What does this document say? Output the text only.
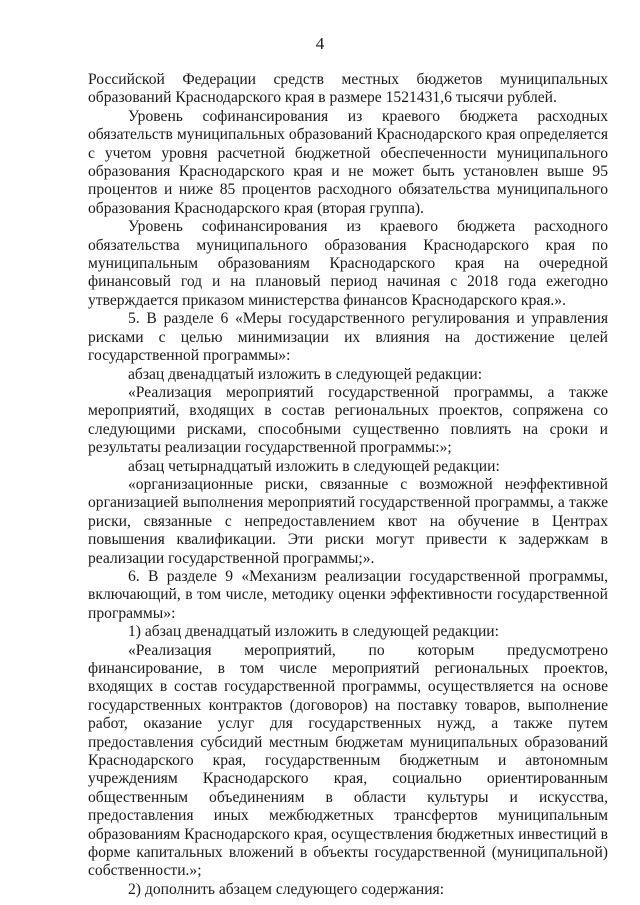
4

Российской Федерации средств местных бюджетов муниципальных образований Краснодарского края в размере 1521431,6 тысячи рублей.

Уровень софинансирования из краевого бюджета расходных обязательств муниципальных образований Краснодарского края определяется с учетом уровня расчетной бюджетной обеспеченности муниципального образования Краснодарского края и не может быть установлен выше 95 процентов и ниже 85 процентов расходного обязательства муниципального образования Краснодарского края (вторая группа).

Уровень софинансирования из краевого бюджета расходного обязательства муниципального образования Краснодарского края по муниципальным образованиям Краснодарского края на очередной финансовый год и на плановый период начиная с 2018 года ежегодно утверждается приказом министерства финансов Краснодарского края.».

5. В разделе 6 «Меры государственного регулирования и управления рисками с целью минимизации их влияния на достижение целей государственной программы»:

абзац двенадцатый изложить в следующей редакции:

«Реализация мероприятий государственной программы, а также мероприятий, входящих в состав региональных проектов, сопряжена со следующими рисками, способными существенно повлиять на сроки и результаты реализации государственной программы:»;

абзац четырнадцатый изложить в следующей редакции:

«организационные риски, связанные с возможной неэффективной организацией выполнения мероприятий государственной программы, а также риски, связанные с непредоставлением квот на обучение в Центрах повышения квалификации. Эти риски могут привести к задержкам в реализации государственной программы;».

6. В разделе 9 «Механизм реализации государственной программы, включающий, в том числе, методику оценки эффективности государственной программы»:

1) абзац двенадцатый изложить в следующей редакции:

«Реализация мероприятий, по которым предусмотрено финансирование, в том числе мероприятий региональных проектов, входящих в состав государственной программы, осуществляется на основе государственных контрактов (договоров) на поставку товаров, выполнение работ, оказание услуг для государственных нужд, а также путем предоставления субсидий местным бюджетам муниципальных образований Краснодарского края, государственным бюджетным и автономным учреждениям Краснодарского края, социально ориентированным общественным объединениям в области культуры и искусства, предоставления иных межбюджетных трансфертов муниципальным образованиям Краснодарского края, осуществления бюджетных инвестиций в форме капитальных вложений в объекты государственной (муниципальной) собственности.»;

2) дополнить абзацем следующего содержания:
